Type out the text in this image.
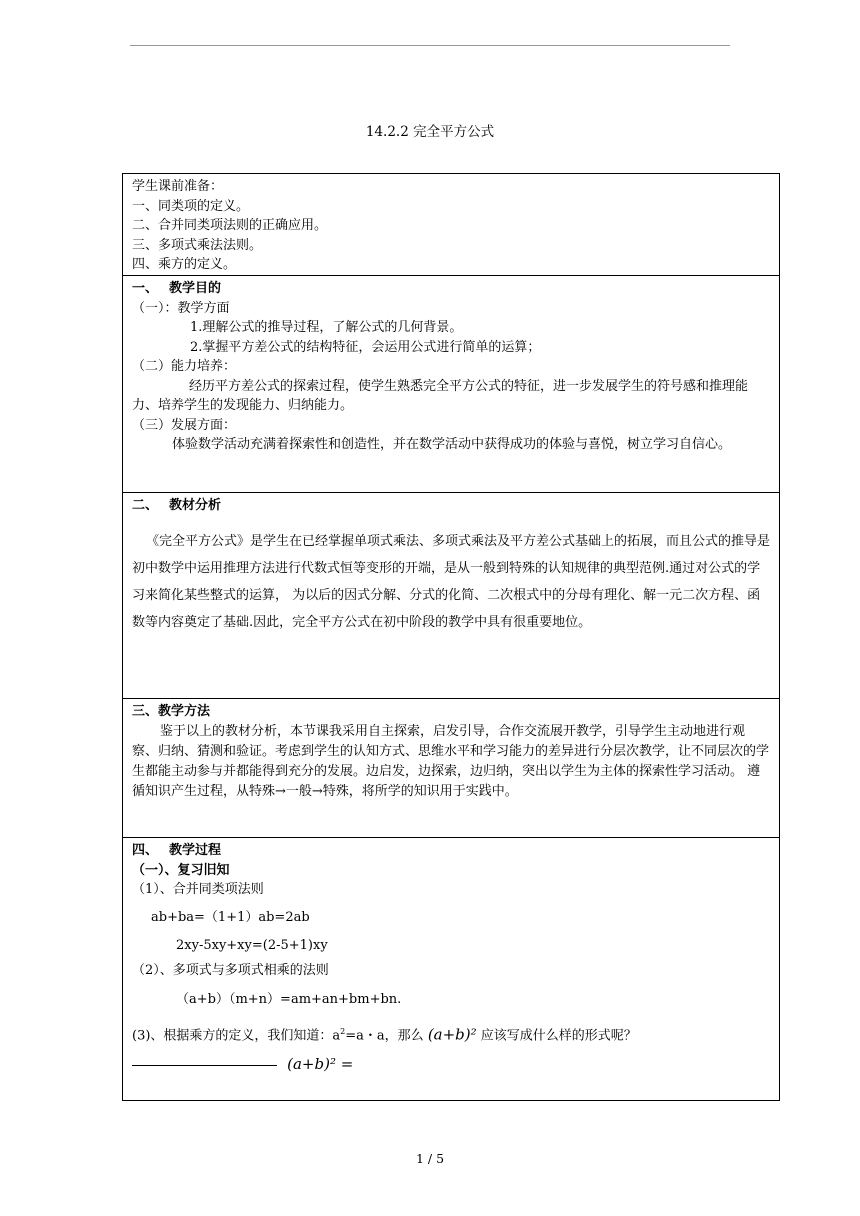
14.2.2 完全平方公式
学生课前准备：
一、同类项的定义。
二、合并同类项法则的正确应用。
三、多项式乘法法则。
四、乘方的定义。
一、　 教学目的
（一）：教学方面
1.理解公式的推导过程，了解公式的几何背景。
2.掌握平方差公式的结构特征，会运用公式进行简单的运算；
（二）能力培养：
经历平方差公式的探索过程，使学生熟悉完全平方公式的特征，进一步发展学生的符号感和推理能力、培养学生的发现能力、归纳能力。
（三）发展方面：
体验数学活动充满着探索性和创造性，并在数学活动中获得成功的体验与喜悦，树立学习自信心。
二、　 教材分析
《完全平方公式》是学生在已经掌握单项式乘法、多项式乘法及平方差公式基础上的拓展，而且公式的推导是初中数学中运用推理方法进行代数式恒等变形的开端，是从一般到特殊的认知规律的典型范例.通过对公式的学习来简化某些整式的运算， 为以后的因式分解、分式的化简、二次根式中的分母有理化、解一元二次方程、函数等内容奠定了基础.因此，完全平方公式在初中阶段的教学中具有很重要地位。
三、教学方法
鉴于以上的教材分析，本节课我采用自主探索，启发引导，合作交流展开教学，引导学生主动地进行观察、归纳、猜测和验证。考虑到学生的认知方式、思维水平和学习能力的差异进行分层次教学，让不同层次的学生都能主动参与并都能得到充分的发展。边启发，边探索，边归纳，突出以学生为主体的探索性学习活动。 遵循知识产生过程，从特殊→一般→特殊，将所学的知识用于实践中。
四、　 教学过程
（一）、复习旧知
（1）、合并同类项法则
ab+ba=（1+1）ab=2ab
2xy-5xy+xy=(2-5+1)xy
（2）、多项式与多项式相乘的法则
（a+b）（m+n）=am+an+bm+bn.
(3)、根据乘方的定义，我们知道：$a^2=a$・a，那么 (a+b)² 应该写成什么样的形式呢？
(a+b)² =
1 / 5
